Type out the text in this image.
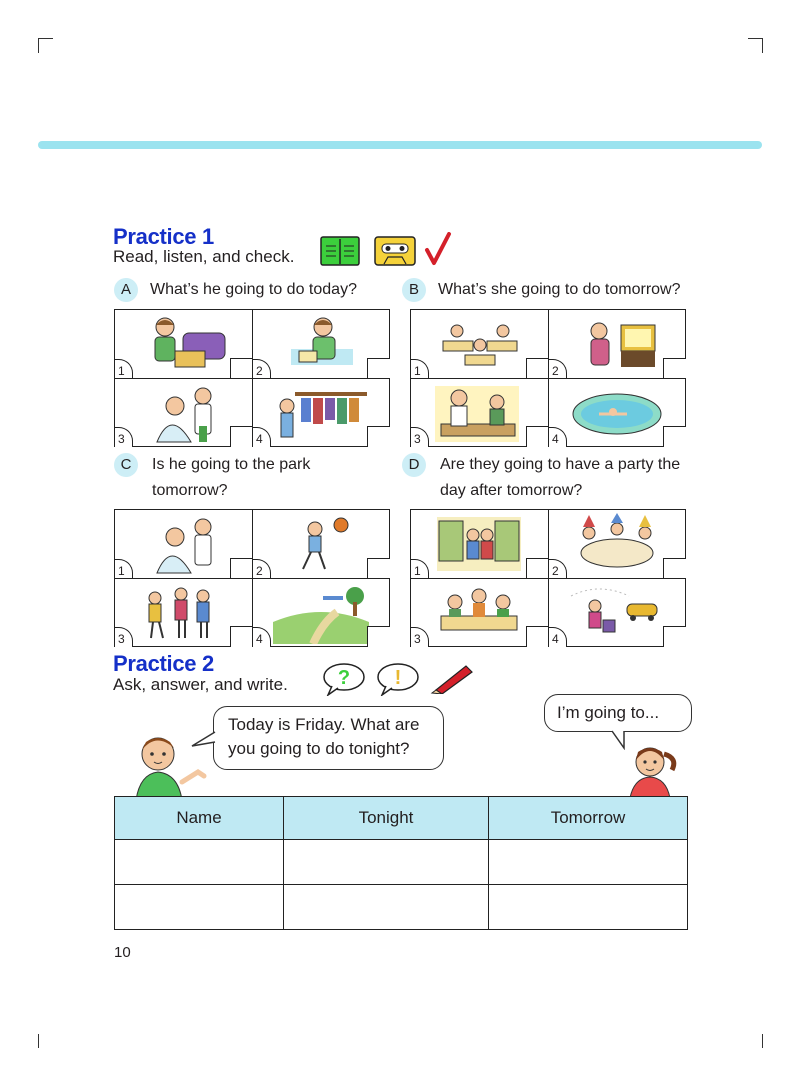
Practice 1
Read, listen, and check.
A	What’s he going to do today?
1	2
3	4
B	What’s she going to do tomorrow?
1	2
3	4
C	Is he going to the park
tomorrow?
1	2
3	4
D	Are they going to have a party the
day after tomorrow?
1	2
3	4
Practice 2
Ask, answer, and write.	? !
Today is Friday. What are
you going to do tonight?
I’m going to...
Name	Tonight	Tomorrow

10
